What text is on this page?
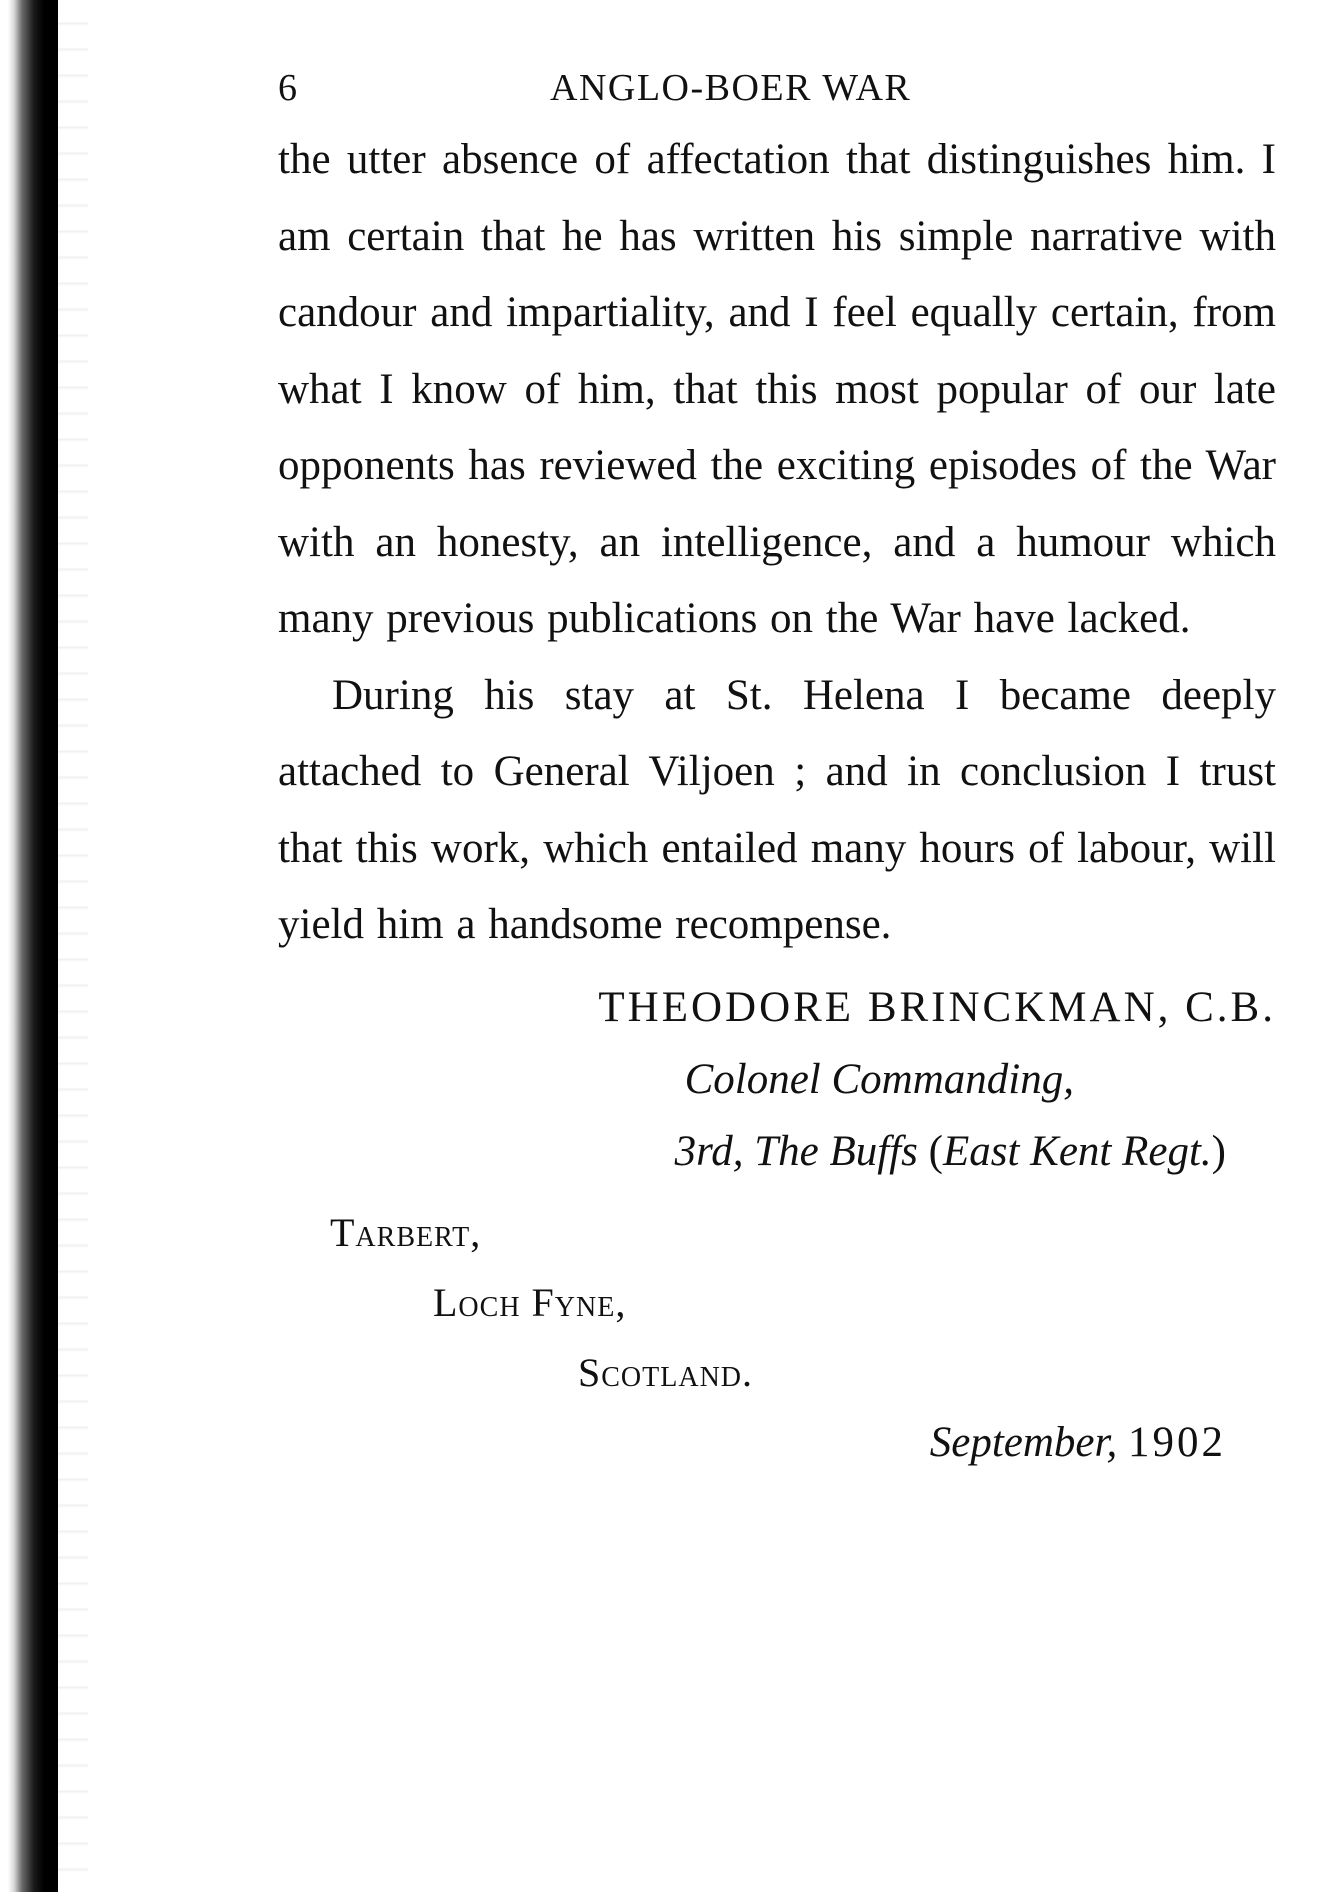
6	ANGLO-BOER WAR

the utter absence of affectation that distinguishes him. I am certain that he has written his simple narrative with candour and impartiality, and I feel equally certain, from what I know of him, that this most popular of our late opponents has reviewed the exciting episodes of the War with an honesty, an intelligence, and a humour which many previous publications on the War have lacked.

During his stay at St. Helena I became deeply attached to General Viljoen ; and in conclusion I trust that this work, which entailed many hours of labour, will yield him a handsome recompense.

THEODORE BRINCKMAN, C.B.
Colonel Commanding,
3rd, The Buffs (East Kent Regt.)
Tarbert,
Loch Fyne,
Scotland.
September, 1902
